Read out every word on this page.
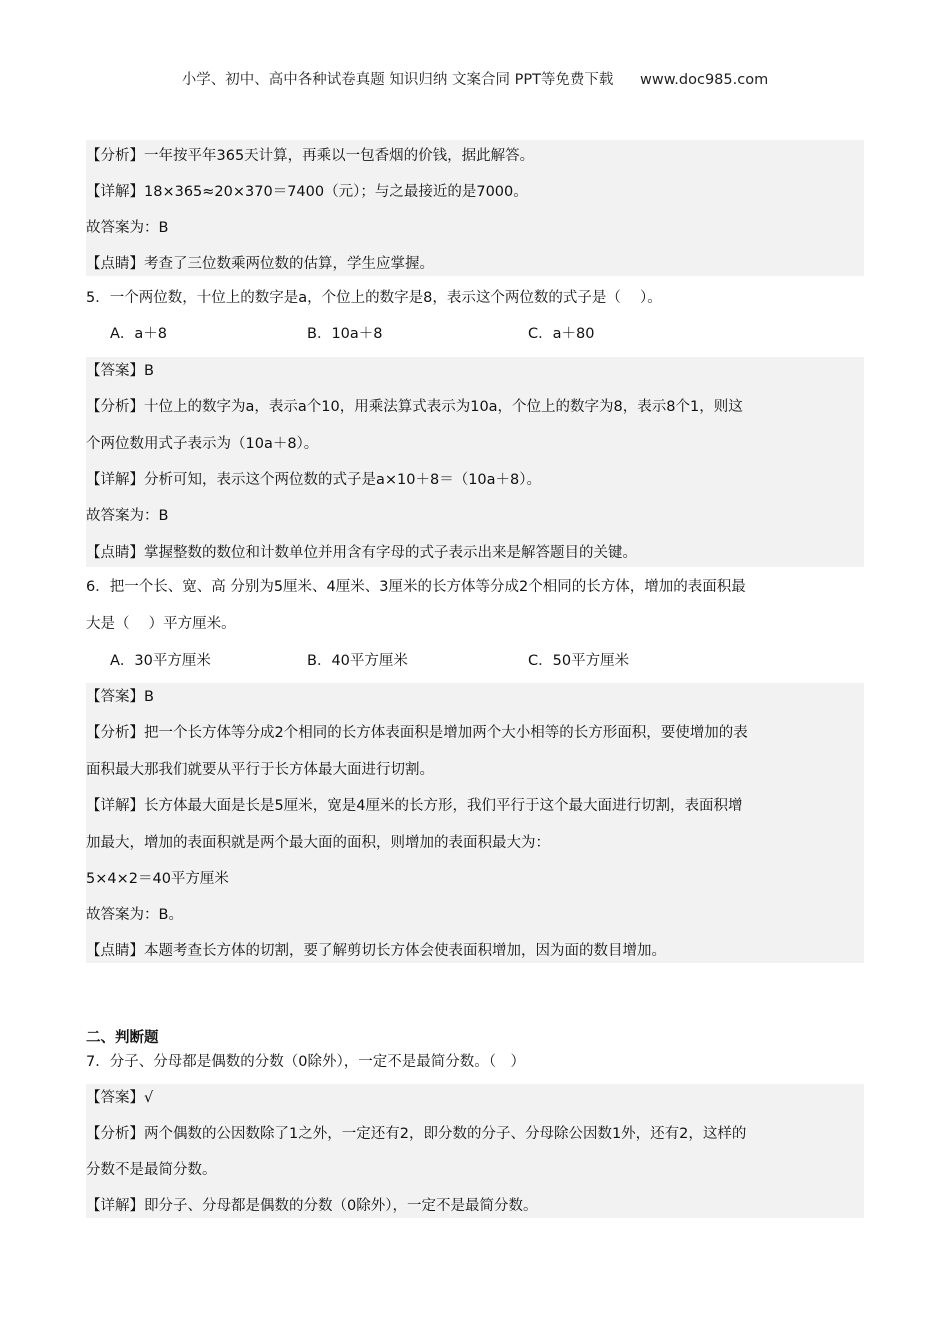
小学、初中、高中各种试卷真题 知识归纳 文案合同 PPT等免费下载 www.doc985.com
【分析】一年按平年365天计算，再乘以一包香烟的价钱，据此解答。
【详解】18×365≈20×370＝7400（元）；与之最接近的是7000。
故答案为：B
【点睛】考查了三位数乘两位数的估算，学生应掌握。
5．一个两位数，十位上的数字是a，个位上的数字是8，表示这个两位数的式子是（　 ）。
A．a＋8	B．10a＋8	C．a＋80
【答案】B
【分析】十位上的数字为a，表示a个10，用乘法算式表示为10a，个位上的数字为8，表示8个1，则这
个两位数用式子表示为（10a＋8）。
【详解】分析可知，表示这个两位数的式子是a×10＋8＝（10a＋8）。
故答案为：B
【点睛】掌握整数的数位和计数单位并用含有字母的式子表示出来是解答题目的关键。
6．把一个长、宽、高 分别为5厘米、4厘米、3厘米的长方体等分成2个相同的长方体，增加的表面积最
大是（　 ）平方厘米。
A．30平方厘米	B．40平方厘米	C．50平方厘米
【答案】B
【分析】把一个长方体等分成2个相同的长方体表面积是增加两个大小相等的长方形面积，要使增加的表
面积最大那我们就要从平行于长方体最大面进行切割。
【详解】长方体最大面是长是5厘米，宽是4厘米的长方形，我们平行于这个最大面进行切割，表面积增
加最大，增加的表面积就是两个最大面的面积，则增加的表面积最大为：
5×4×2＝40平方厘米
故答案为：B。
【点睛】本题考查长方体的切割，要了解剪切长方体会使表面积增加，因为面的数目增加。
二、判断题
7．分子、分母都是偶数的分数（0除外），一定不是最简分数。（　）
【答案】√
【分析】两个偶数的公因数除了1之外，一定还有2，即分数的分子、分母除公因数1外，还有2，这样的
分数不是最简分数。
【详解】即分子、分母都是偶数的分数（0除外），一定不是最简分数。
